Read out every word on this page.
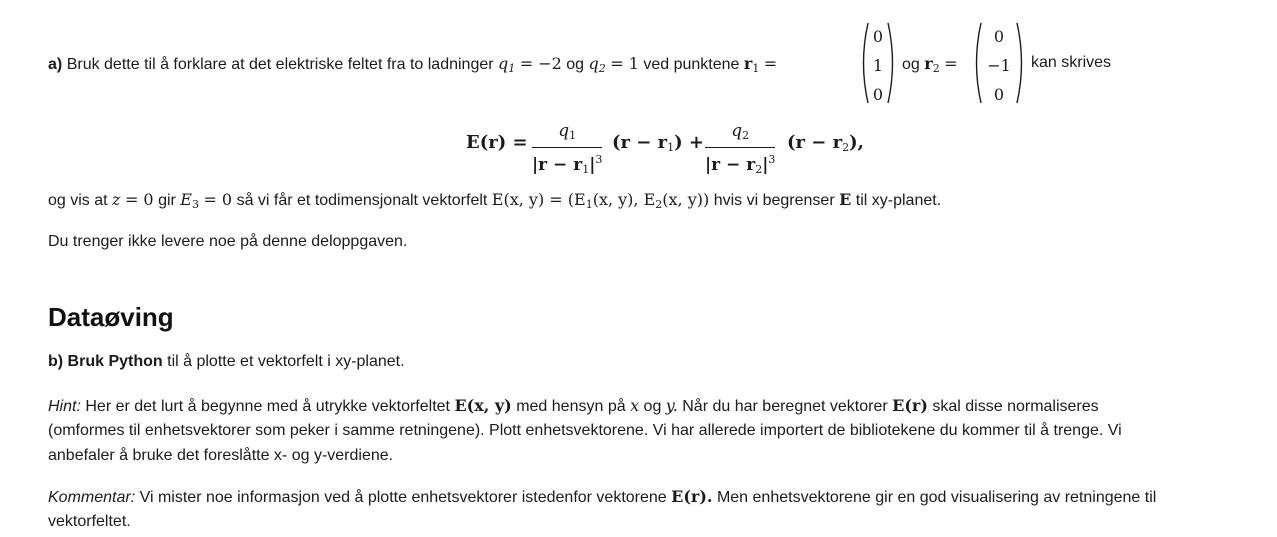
a) Bruk dette til å forklare at det elektriske feltet fra to ladninger $q_1 = -2$ og $q_2 = 1$ ved punktene $r_1$ =
0
1
0
og $r_2$ =
0
−1
0
kan skrives
$E(r) = \frac{q_1}{|r - r_1|^3} (r - r_1) + \frac{q_2}{|r - r_2|^3} (r - r_2)$,
og vis at z = 0 gir $E_3 = 0$ så vi får et todimensjonalt vektorfelt E(x, $y) = (E_1(x$, y), $E_2(x$, y)) hvis vi begrenser E til xy-planet.
Du trenger ikke levere noe på denne deloppgaven.
Dataøving
b) Bruk Python til å plotte et vektorfelt i xy-planet.
Hint: Her er det lurt å begynne med å utrykke vektorfeltet E(x, y) med hensyn på x og y. Når du har beregnet vektorer E(r) skal disse normaliseres
(omformes til enhetsvektorer som peker i samme retningene). Plott enhetsvektorene. Vi har allerede importert de bibliotekene du kommer til å trenge. Vi
anbefaler å bruke det foreslåtte x- og y-verdiene.
Kommentar: Vi mister noe informasjon ved å plotte enhetsvektorer istedenfor vektorene E(r). Men enhetsvektorene gir en god visualisering av retningene til
vektorfeltet.
